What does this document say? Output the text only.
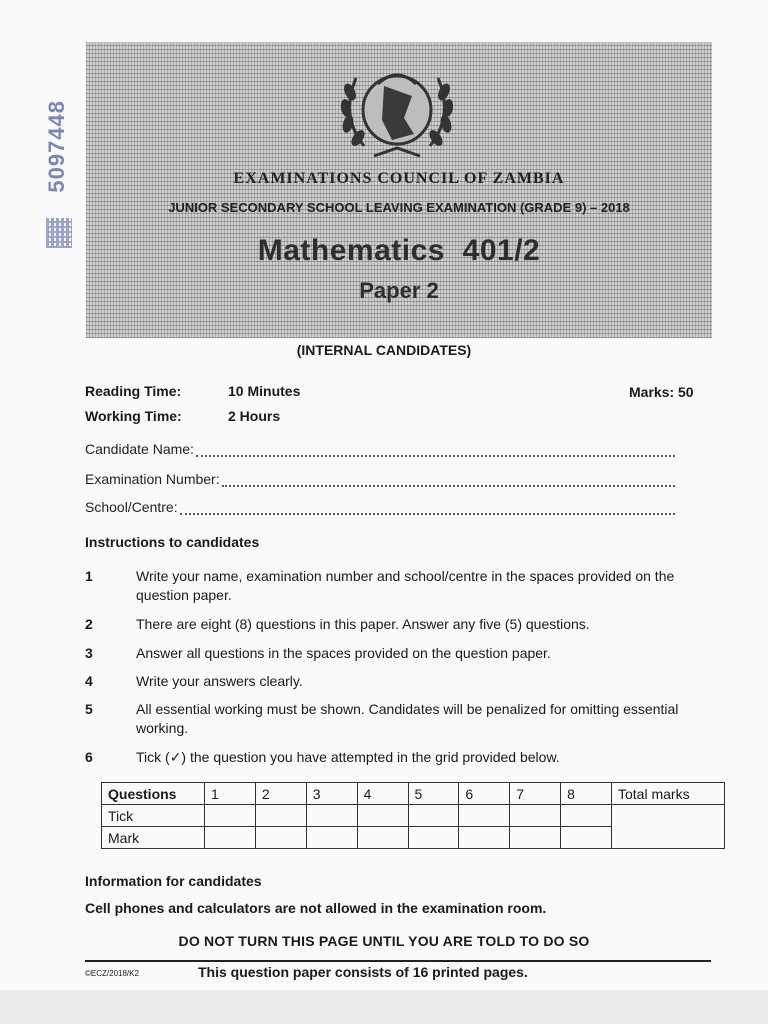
5097448	EXAMINATIONS COUNCIL OF ZAMBIA
JUNIOR SECONDARY SCHOOL LEAVING EXAMINATION (GRADE 9) – 2018
Mathematics  401/2
Paper 2
(INTERNAL CANDIDATES)
Reading Time:	10 Minutes
Working Time:	2 Hours
Marks: 50
Candidate Name:
Examination Number:
School/Centre:
Instructions to candidates
1	Write your name, examination number and school/centre in the spaces provided on the question paper.
2	There are eight (8) questions in this paper. Answer any five (5) questions.
3	Answer all questions in the spaces provided on the question paper.
4	Write your answers clearly.
5	All essential working must be shown. Candidates will be penalized for omitting essential working.
6	Tick (✓) the question you have attempted in the grid provided below.
Questions	1	2	3	4	5	6	7	8	Total marks
Tick									
Mark									
Information for candidates
Cell phones and calculators are not allowed in the examination room.
DO NOT TURN THIS PAGE UNTIL YOU ARE TOLD TO DO SO
©ECZ/2018/K2	This question paper consists of 16 printed pages.
